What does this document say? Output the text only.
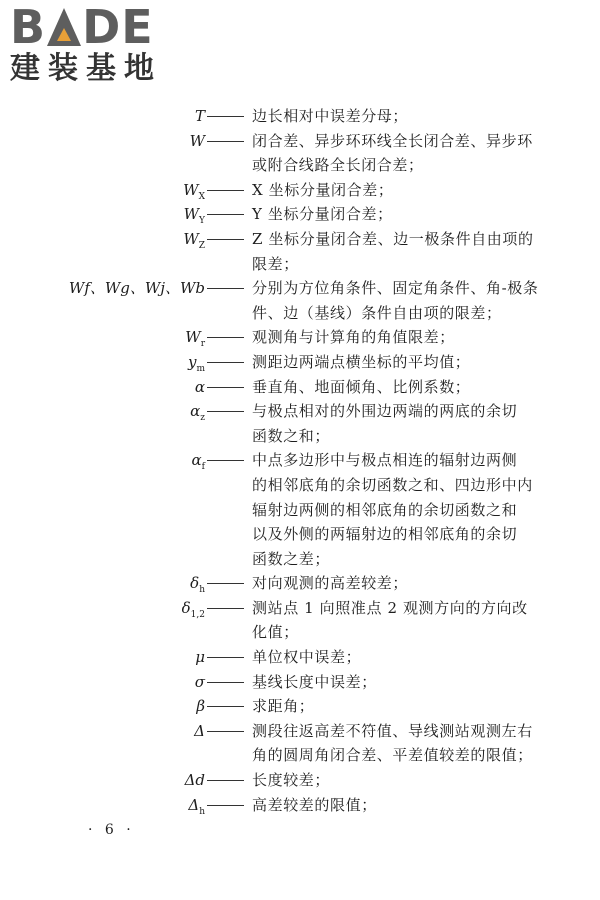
B DE
建装基地
T	边长相对中误差分母；
W	闭合差、异步环环线全长闭合差、异步环
或附合线路全长闭合差；
$W_X$	X 坐标分量闭合差；
$W_Y$	Y 坐标分量闭合差；
$W_Z$	Z 坐标分量闭合差、边一极条件自由项的
限差；
Wf、Wg、Wj、Wb	分别为方位角条件、固定角条件、角-极条
件、边（基线）条件自由项的限差；
$W_r$	观测角与计算角的角值限差；
$y_m$	测距边两端点横坐标的平均值；
α	垂直角、地面倾角、比例系数；
$\alpha_z$	与极点相对的外围边两端的两底的余切
函数之和；
$\alpha_f$	中点多边形中与极点相连的辐射边两侧
的相邻底角的余切函数之和、四边形中内
辐射边两侧的相邻底角的余切函数之和
以及外侧的两辐射边的相邻底角的余切
函数之差；
$\delta_h$	对向观测的高差较差；
$\delta_{1,2}$	测站点 1 向照准点 2 观测方向的方向改
化值；
μ	单位权中误差；
σ	基线长度中误差；
β	求距角；
Δ	测段往返高差不符值、导线测站观测左右
角的圆周角闭合差、平差值较差的限值；
Δd	长度较差；
$\Delta_h$	高差较差的限值；
· 6 ·
